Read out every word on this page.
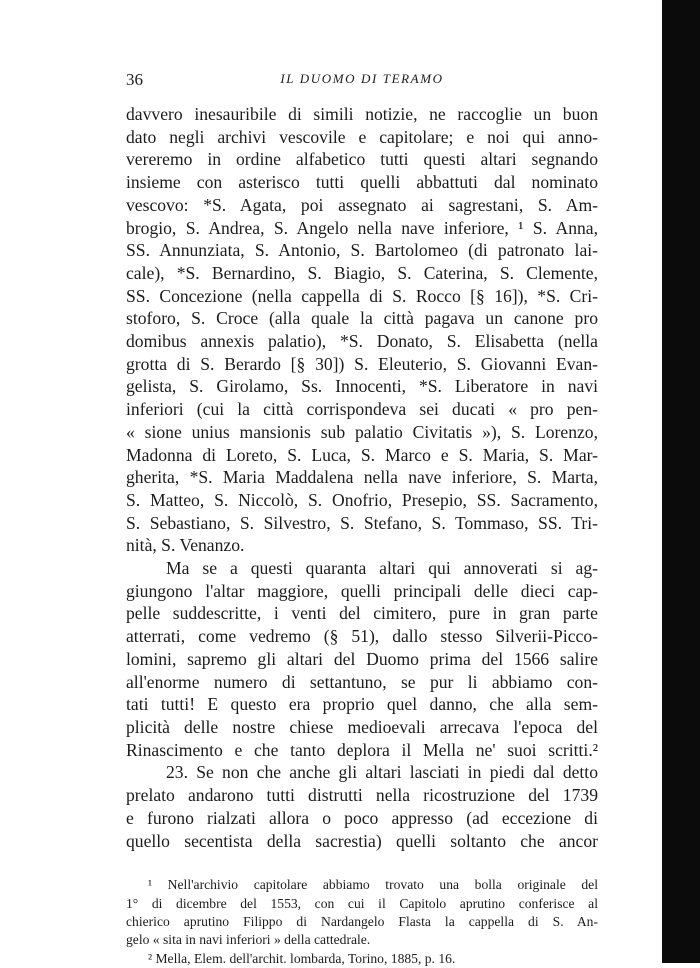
36	IL DUOMO DI TERAMO
davvero inesauribile di simili notizie, ne raccoglie un buon
dato negli archivi vescovile e capitolare; e noi qui anno-
vereremo in ordine alfabetico tutti questi altari segnando
insieme con asterisco tutti quelli abbattuti dal nominato
vescovo: *S. Agata, poi assegnato ai sagrestani, S. Am-
brogio, S. Andrea, S. Angelo nella nave inferiore, ¹ S. Anna,
SS. Annunziata, S. Antonio, S. Bartolomeo (di patronato lai-
cale), *S. Bernardino, S. Biagio, S. Caterina, S. Clemente,
SS. Concezione (nella cappella di S. Rocco [§ 16]), *S. Cri-
stoforo, S. Croce (alla quale la città pagava un canone pro
domibus annexis palatio), *S. Donato, S. Elisabetta (nella
grotta di S. Berardo [§ 30]) S. Eleuterio, S. Giovanni Evan-
gelista, S. Girolamo, Ss. Innocenti, *S. Liberatore in navi
inferiori (cui la città corrispondeva sei ducati « pro pen-
« sione unius mansionis sub palatio Civitatis »), S. Lorenzo,
Madonna di Loreto, S. Luca, S. Marco e S. Maria, S. Mar-
gherita, *S. Maria Maddalena nella nave inferiore, S. Marta,
S. Matteo, S. Niccolò, S. Onofrio, Presepio, SS. Sacramento,
S. Sebastiano, S. Silvestro, S. Stefano, S. Tommaso, SS. Tri-
nità, S. Venanzo.
Ma se a questi quaranta altari qui annoverati si ag-
giungono l'altar maggiore, quelli principali delle dieci cap-
pelle suddescritte, i venti del cimitero, pure in gran parte
atterrati, come vedremo (§ 51), dallo stesso Silverii-Picco-
lomini, sapremo gli altari del Duomo prima del 1566 salire
all'enorme numero di settantuno, se pur li abbiamo con-
tati tutti! E questo era proprio quel danno, che alla sem-
plicità delle nostre chiese medioevali arrecava l'epoca del
Rinascimento e che tanto deplora il Mella ne' suoi scritti.²
23. Se non che anche gli altari lasciati in piedi dal detto
prelato andarono tutti distrutti nella ricostruzione del 1739
e furono rialzati allora o poco appresso (ad eccezione di
quello secentista della sacrestia) quelli soltanto che ancor
¹ Nell'archivio capitolare abbiamo trovato una bolla originale del
1° di dicembre del 1553, con cui il Capitolo aprutino conferisce al
chierico aprutino Filippo di Nardangelo Flasta la cappella di S. An-
gelo « sita in navi inferiori » della cattedrale.
² Mella, Elem. dell'archit. lombarda, Torino, 1885, p. 16.
